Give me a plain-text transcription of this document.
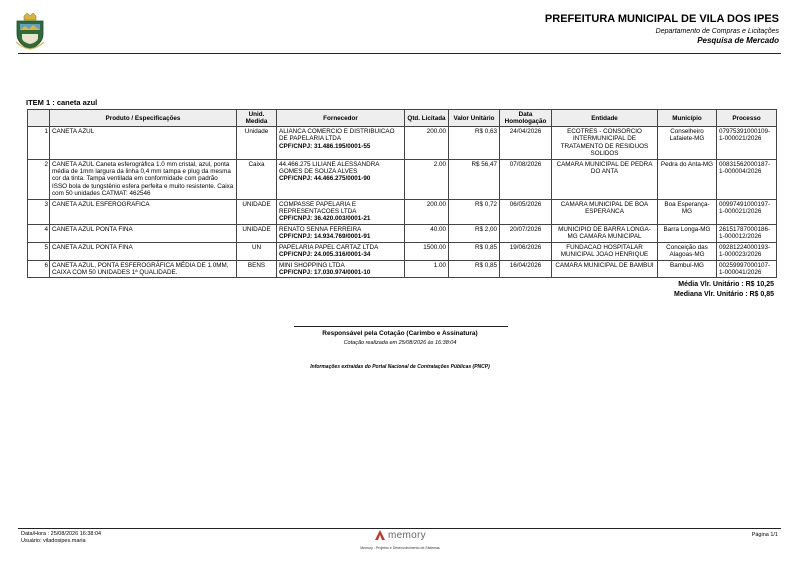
PREFEITURA MUNICIPAL DE VILA DOS IPES
Departamento de Compras e Licitações
Pesquisa de Mercado
ITEM 1 : caneta azul
	Produto / Especificações	Unid. Medida	Fornecedor	Qtd. Licitada	Valor Unitário	Data Homologação	Entidade	Município	Processo
1	CANETA AZUL	Unidade	ALIANCA COMERCIO E DISTRIBUICAO DE PAPELARIA LTDA
CPF/CNPJ: 31.486.195/0001-55	200.00	R$ 0,63	24/04/2026	ECOTRES - CONSORCIO INTERMUNICIPAL DE TRATAMENTO DE RESIDUOS SOLIDOS	Conselheiro Lafaiete-MG	07975391000109-1-000021/2026
2	CANETA AZUL Caneta esferográfica 1.0 mm cristal, azul, ponta média de 1mm largura da linha 0,4 mm tampa e plug da mesma cor da tinta. Tampa ventilada em conformidade com padrão ISSO bola de tungstênio esfera perfeita e muito resistente. Caixa com 50 unidades CATMAT: 462546	Caixa	44.466.275 LILIANE ALESSANDRA GOMES DE SOUZA ALVES
CPF/CNPJ: 44.466.275/0001-90	2.00	R$ 56,47	07/08/2026	CAMARA MUNICIPAL DE PEDRA DO ANTA	Pedra do Anta-MG	00831562000187-1-000004/2026
3	CANETA AZUL ESFEROGRAFICA	UNIDADE	COMPASSE PAPELARIA E REPRESENTACOES LTDA
CPF/CNPJ: 36.420.003/0001-21	200.00	R$ 0,72	06/05/2026	CAMARA MUNICIPAL DE BOA ESPERANCA	Boa Esperança-MG	00997491000197-1-000021/2026
4	CANETA AZUL PONTA FINA	UNIDADE	RENATO SENNA FERREIRA
CPF/CNPJ: 14.934.769/0001-91	40.00	R$ 2,00	20/07/2026	MUNICIPIO DE BARRA LONGA-MG CAMARA MUNICIPAL	Barra Longa-MG	26151787000186-1-000012/2026
5	CANETA AZUL PONTA FINA	UN	PAPELARIA PAPEL CARTAZ LTDA
CPF/CNPJ: 24.005.316/0001-34	1500.00	R$ 0,85	19/06/2026	FUNDACAO HOSPITALAR MUNICIPAL JOAO HENRIQUE	Conceição das Alagoas-MG	09281224000193-1-000023/2026
6	CANETA AZUL, PONTA ESFEROGRÁFICA MÉDIA DE 1.0MM, CAIXA COM 50 UNIDADES 1ª QUALIDADE.	BENS	MINI SHOPPING LTDA
CPF/CNPJ: 17.030.974/0001-10	1.00	R$ 0,85	16/04/2026	CAMARA MUNICIPAL DE BAMBUI	Bambuí-MG	00259997000107-1-000041/2026
Média Vlr. Unitário : R$ 10,25
Mediana Vlr. Unitário : R$ 0,85
Responsável pela Cotação (Carimbo e Assinatura)
Cotação realizada em 25/08/2026 às 16:38:04
Informações extraídas do Portal Nacional de Contratações Públicas (PNCP)
Data/Hora : 25/08/2026 16:38:04
Usuário: viladosipes.maria
memory
Memory - Projetos e Desenvolvimento de Sistemas
Página 1/1
